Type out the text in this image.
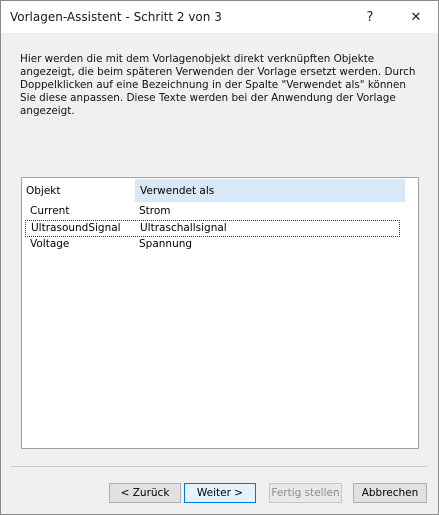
Vorlagen-Assistent - Schritt 2 von 3	?	✕
Hier werden die mit dem Vorlagenobjekt direkt verknüpften Objekte angezeigt, die beim späteren Verwenden der Vorlage ersetzt werden. Durch Doppelklicken auf eine Bezeichnung in der Spalte "Verwendet als" können Sie diese anpassen. Diese Texte werden bei der Anwendung der Vorlage angezeigt.
Objekt	Verwendet als
Current	Strom
UltrasoundSignal Ultraschallsignal
Voltage	Spannung
< Zurück	Weiter >	Fertig stellen	Abbrechen
